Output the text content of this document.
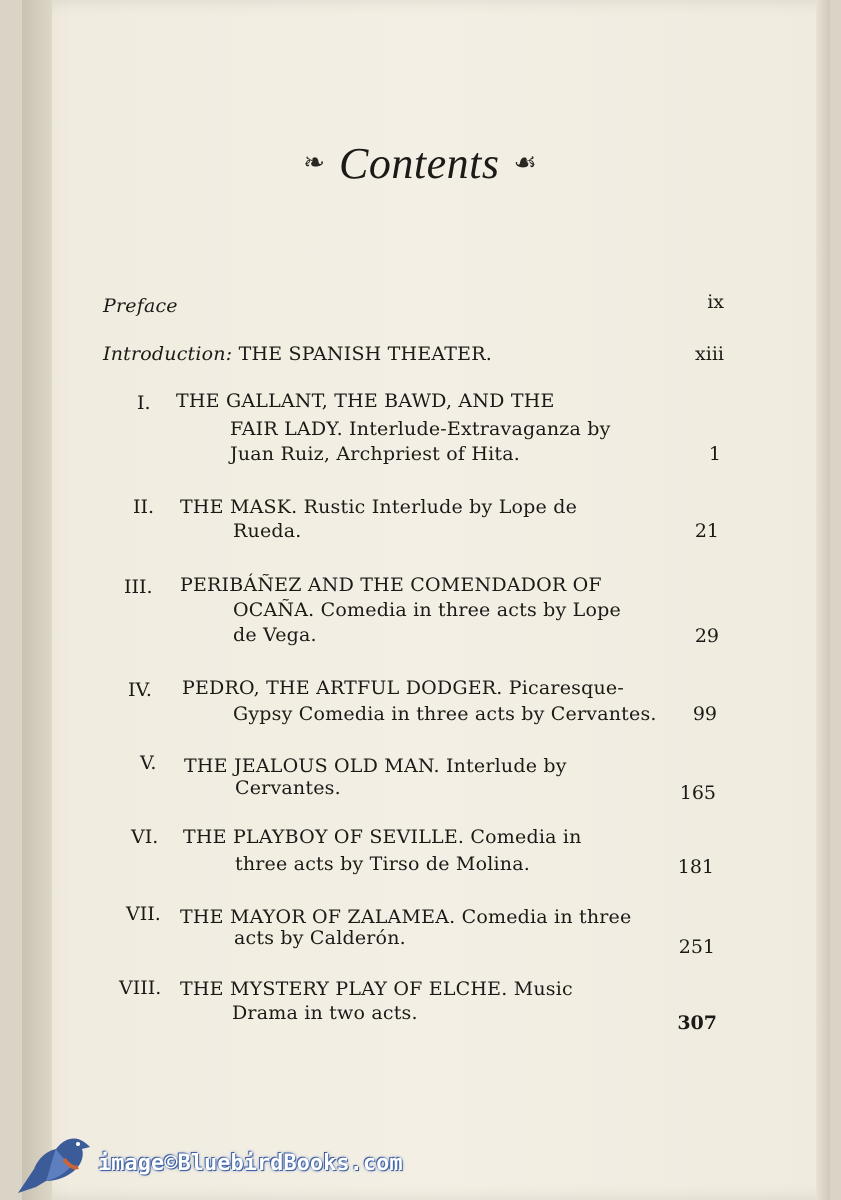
❧ Contents ☙
Preface	ix
Introduction: THE SPANISH THEATER.	xiii
I. THE GALLANT, THE BAWD, AND THE
FAIR LADY. Interlude-Extravaganza by
Juan Ruiz, Archpriest of Hita.	1
II. THE MASK. Rustic Interlude by Lope de
Rueda.	21
III. PERIBÁÑEZ AND THE COMENDADOR OF
OCAÑA. Comedia in three acts by Lope
de Vega.	29
IV. PEDRO, THE ARTFUL DODGER. Picaresque-
Gypsy Comedia in three acts by Cervantes. 99
V. THE JEALOUS OLD MAN. Interlude by
Cervantes.	165
VI. THE PLAYBOY OF SEVILLE. Comedia in
three acts by Tirso de Molina.	181
VII. THE MAYOR OF ZALAMEA. Comedia in three
acts by Calderón.	251
VIII. THE MYSTERY PLAY OF ELCHE. Music
Drama in two acts.	307
image©BluebirdBooks.com
